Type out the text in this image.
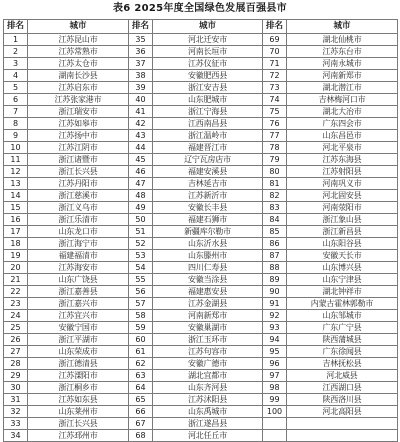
表6 2025年度全国绿色发展百强县市
排名	城市	排名	城市	排名	城市
1	江苏昆山市	35	河北迁安市	69	湖北仙桃市
2	江苏常熟市	36	河南长垣市	70	江苏东台市
3	江苏太仓市	37	江苏仪征市	71	河南永城市
4	湖南长沙县	38	安徽肥西县	72	河南新郑市
5	江苏启东市	39	浙江安吉县	73	湖北潜江市
6	江苏张家港市	40	山东肥城市	74	吉林梅河口市
7	浙江瑞安市	41	浙江宁海县	75	湖北大冶市
8	江苏如皋市	42	江西南昌县	76	广东四会市
9	江苏扬中市	43	浙江温岭市	77	山东昌邑市
10	江苏江阴市	44	福建晋江市	78	河北平泉市
11	浙江诸暨市	45	辽宁瓦房店市	79	江苏东海县
12	浙江长兴县	46	福建安溪县	80	江苏射阳县
13	江苏丹阳市	47	吉林延吉市	81	河南巩义市
14	浙江慈溪市	48	江苏新沂市	82	河北固安县
15	浙江义乌市	49	安徽长丰县	83	河南荥阳市
16	浙江乐清市	50	福建石狮市	84	浙江象山县
17	山东龙口市	51	新疆库尔勒市	85	浙江新昌县
18	浙江海宁市	52	山东沂水县	86	山东阳谷县
19	福建福清市	53	山东滕州市	87	安徽天长市
20	江苏海安市	54	四川仁寿县	88	山东博兴县
21	山东广饶县	55	安徽当涂县	89	山东宁津县
22	浙江嘉善县	56	福建惠安县	90	湖北钟祥市
23	浙江嘉兴市	57	江苏金湖县	91	内蒙古霍林郭勒市
24	江苏宜兴市	58	河南新郑市	92	山东邹城市
25	安徽宁国市	59	安徽巢湖市	93	广东广宁县
26	浙江平湖市	60	浙江玉环市	94	陕西蒲城县
27	山东荣成市	61	江苏句容市	95	广东徐闻县
28	浙江德清县	62	安徽广德市	96	吉林抚松县
29	江苏溧阳市	63	湖北宜都市	97	河北威县
30	浙江桐乡市	64	山东齐河县	98	江西湖口县
31	江苏如东县	65	江苏沭阳县	99	陕西洛川县
32	山东莱州市	66	山东禹城市	100	河北高阳县
33	浙江长兴县	67	浙江遂昌县		
34	江苏邳州市	68	河北任丘市		
